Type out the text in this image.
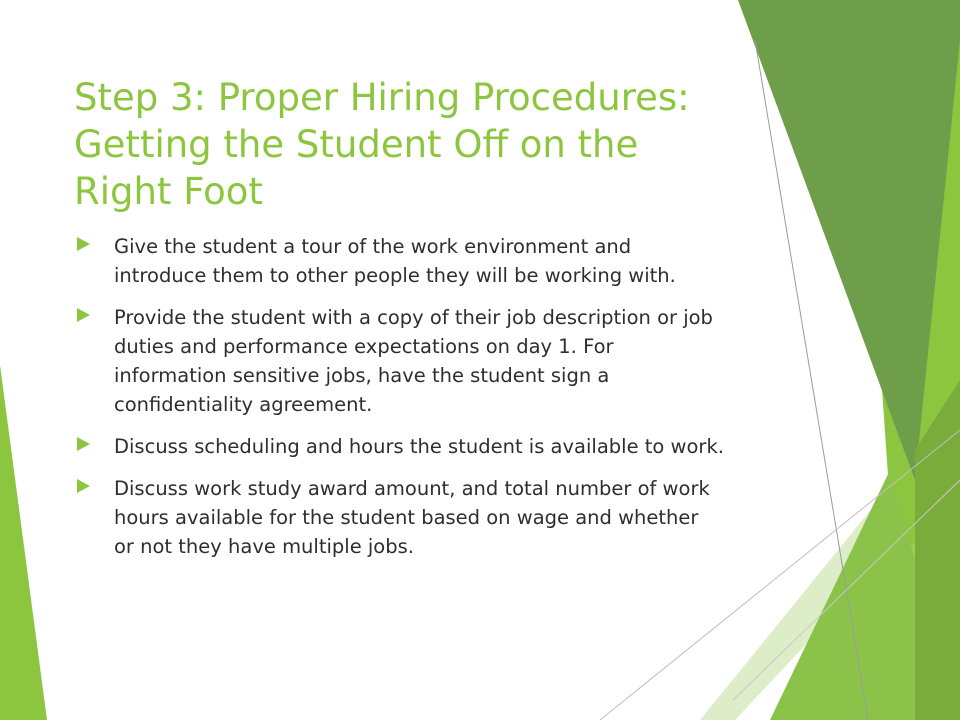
Step 3: Proper Hiring Procedures:
Getting the Student Off on the
Right Foot
Give the student a tour of the work environment and introduce them to other people they will be working with.
Provide the student with a copy of their job description or job duties and performance expectations on day 1. For information sensitive jobs, have the student sign a confidentiality agreement.
Discuss scheduling and hours the student is available to work.
Discuss work study award amount, and total number of work hours available for the student based on wage and whether or not they have multiple jobs.
